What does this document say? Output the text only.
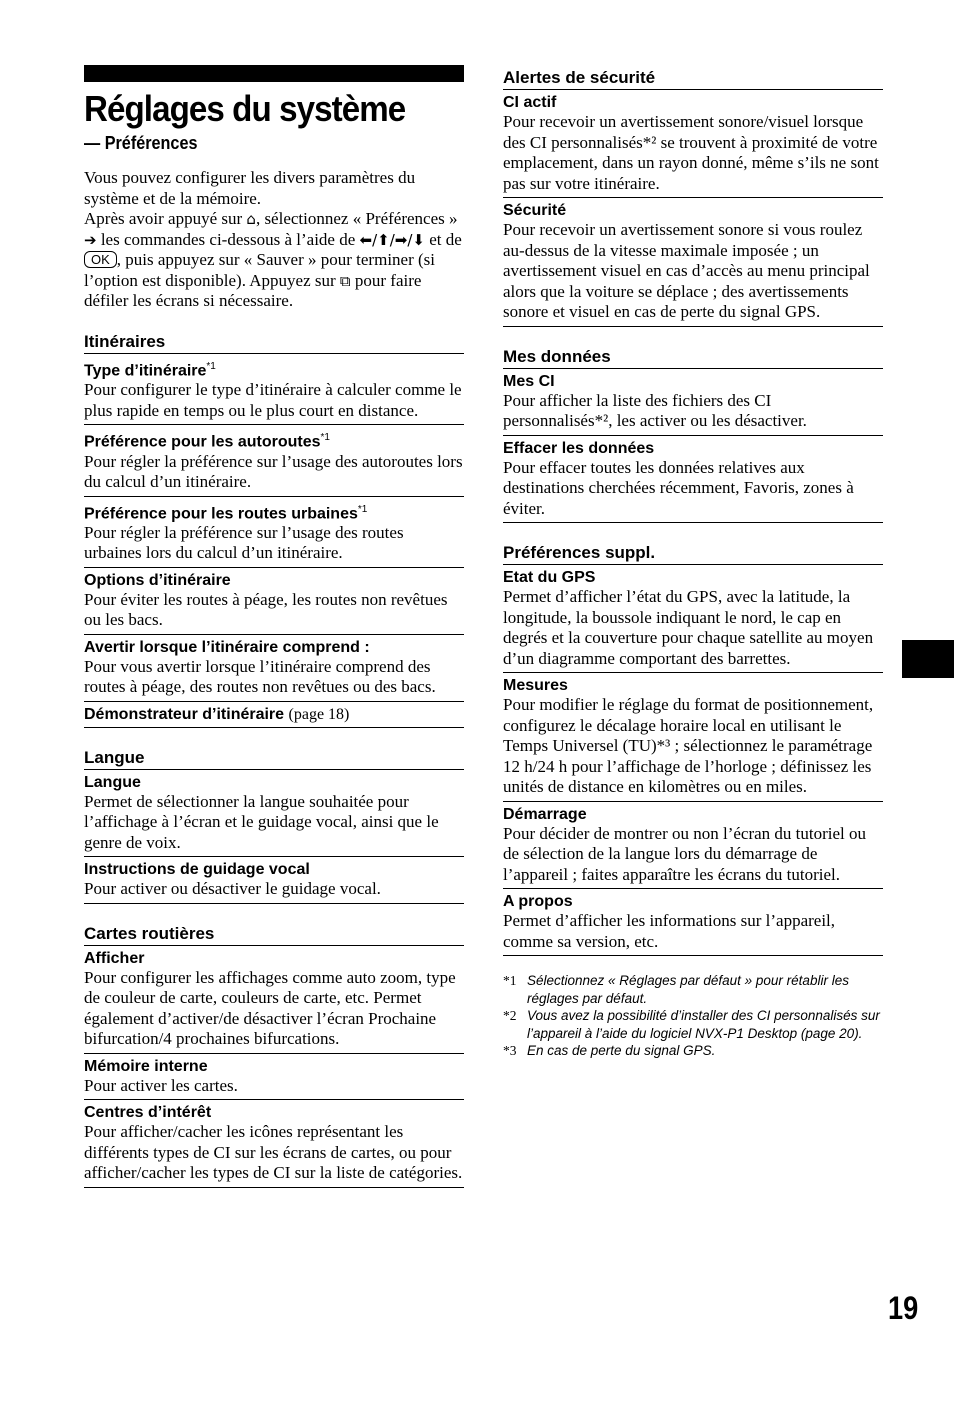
Réglages du système
— Préférences

Vous pouvez configurer les divers paramètres du système et de la mémoire.

Après avoir appuyé sur ⌂, sélectionnez « Préférences » ➔ les commandes ci-dessous à l’aide de ⬅/⬆/➡/⬇ et de OK , puis appuyez sur « Sauver » pour terminer (si l’option est disponible). Appuyez sur ⧉ pour faire défiler les écrans si nécessaire.

Itinéraires
Type d’itinéraire$^{*1}$
Pour configurer le type d’itinéraire à calculer comme le plus rapide en temps ou le plus court en distance.
Préférence pour les autoroutes$^{*1}$
Pour régler la préférence sur l’usage des autoroutes lors du calcul d’un itinéraire.
Préférence pour les routes urbaines$^{*1}$
Pour régler la préférence sur l’usage des routes urbaines lors du calcul d’un itinéraire.
Options d’itinéraire
Pour éviter les routes à péage, les routes non revêtues ou les bacs.
Avertir lorsque l’itinéraire comprend :
Pour vous avertir lorsque l’itinéraire comprend des routes à péage, des routes non revêtues ou des bacs.
Démonstrateur d’itinéraire (page 18)
Langue
Langue
Permet de sélectionner la langue souhaitée pour l’affichage à l’écran et le guidage vocal, ainsi que le genre de voix.
Instructions de guidage vocal
Pour activer ou désactiver le guidage vocal.
Cartes routières
Afficher
Pour configurer les affichages comme auto zoom, type de couleur de carte, couleurs de carte, etc. Permet également d’activer/de désactiver l’écran Prochaine bifurcation/4 prochaines bifurcations.
Mémoire interne
Pour activer les cartes.
Centres d’intérêt
Pour afficher/cacher les icônes représentant les différents types de CI sur les écrans de cartes, ou pour afficher/cacher les types de CI sur la liste de catégories.
Alertes de sécurité
CI actif
Pour recevoir un avertissement sonore/visuel lorsque des CI personnalisés*² se trouvent à proximité de votre emplacement, dans un rayon donné, même s’ils ne sont pas sur votre itinéraire.
Sécurité
Pour recevoir un avertissement sonore si vous roulez au-dessus de la vitesse maximale imposée ; un avertissement visuel en cas d’accès au menu principal alors que la voiture se déplace ; des avertissements sonore et visuel en cas de perte du signal GPS.
Mes données
Mes CI
Pour afficher la liste des fichiers des CI personnalisés*², les activer ou les désactiver.
Effacer les données
Pour effacer toutes les données relatives aux destinations cherchées récemment, Favoris, zones à éviter.
Préférences suppl.
Etat du GPS
Permet d’afficher l’état du GPS, avec la latitude, la longitude, la boussole indiquant le nord, le cap en degrés et la couverture pour chaque satellite au moyen d’un diagramme comportant des barrettes.
Mesures
Pour modifier le réglage du format de positionnement, configurez le décalage horaire local en utilisant le Temps Universel (TU)*³ ; sélectionnez le paramétrage 12 h/24 h pour l’affichage de l’horloge ; définissez les unités de distance en kilomètres ou en miles.
Démarrage
Pour décider de montrer ou non l’écran du tutoriel ou de sélection de la langue lors du démarrage de l’appareil ; faites apparaître les écrans du tutoriel.
A propos
Permet d’afficher les informations sur l’appareil, comme sa version, etc.
*1 Sélectionnez « Réglages par défaut » pour rétablir les réglages par défaut.
*2 Vous avez la possibilité d’installer des CI personnalisés sur l’appareil à l’aide du logiciel NVX-P1 Desktop (page 20).
*3 En cas de perte du signal GPS.
19
